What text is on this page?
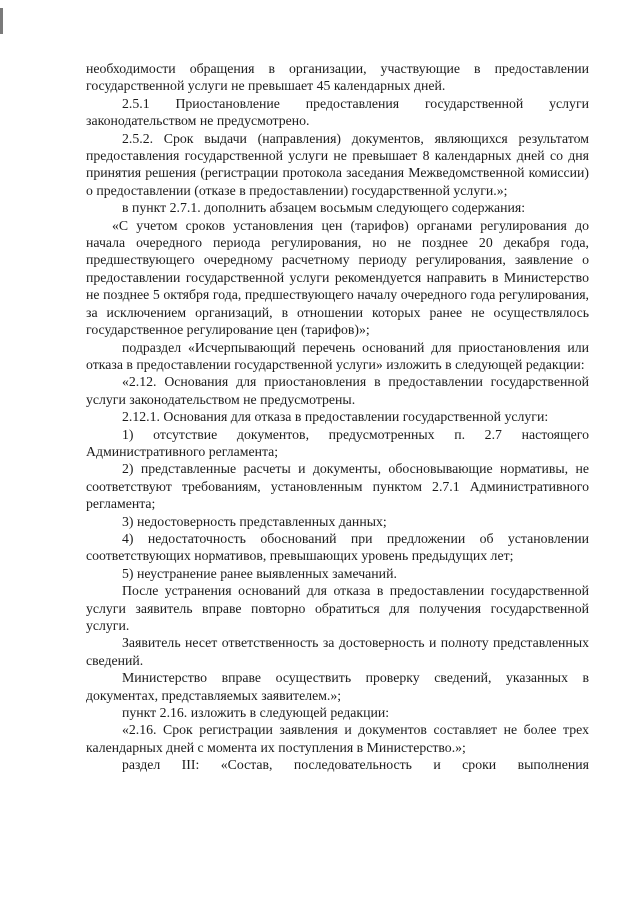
необходимости обращения в организации, участвующие в предоставлении государственной услуги не превышает 45 календарных дней.

2.5.1 Приостановление предоставления государственной услуги законодательством не предусмотрено.

2.5.2. Срок выдачи (направления) документов, являющихся результатом предоставления государственной услуги не превышает 8 календарных дней со дня принятия решения (регистрации протокола заседания Межведомственной комиссии) о предоставлении (отказе в предоставлении) государственной услуги.»;

в пункт 2.7.1. дополнить абзацем восьмым следующего содержания:

«С учетом сроков установления цен (тарифов) органами регулирования до начала очередного периода регулирования, но не позднее 20 декабря года, предшествующего очередному расчетному периоду регулирования, заявление о предоставлении государственной услуги рекомендуется направить в Министерство не позднее 5 октября года, предшествующего началу очередного года регулирования, за исключением организаций, в отношении которых ранее не осуществлялось государственное регулирование цен (тарифов)»;

подраздел «Исчерпывающий перечень оснований для приостановления или отказа в предоставлении государственной услуги» изложить в следующей редакции:

«2.12. Основания для приостановления в предоставлении государственной услуги законодательством не предусмотрены.

2.12.1. Основания для отказа в предоставлении государственной услуги:

1) отсутствие документов, предусмотренных п. 2.7 настоящего Административного регламента;

2) представленные расчеты и документы, обосновывающие нормативы, не соответствуют требованиям, установленным пунктом 2.7.1 Административного регламента;

3) недостоверность представленных данных;

4) недостаточность обоснований при предложении об установлении соответствующих нормативов, превышающих уровень предыдущих лет;

5) неустранение ранее выявленных замечаний.

После устранения оснований для отказа в предоставлении государственной услуги заявитель вправе повторно обратиться для получения государственной услуги.

Заявитель несет ответственность за достоверность и полноту представленных сведений.

Министерство вправе осуществить проверку сведений, указанных в документах, представляемых заявителем.»;

пункт 2.16. изложить в следующей редакции:

«2.16. Срок регистрации заявления и документов составляет не более трех календарных дней с момента их поступления в Министерство.»;

раздел III: «Состав, последовательность и сроки выполнения
